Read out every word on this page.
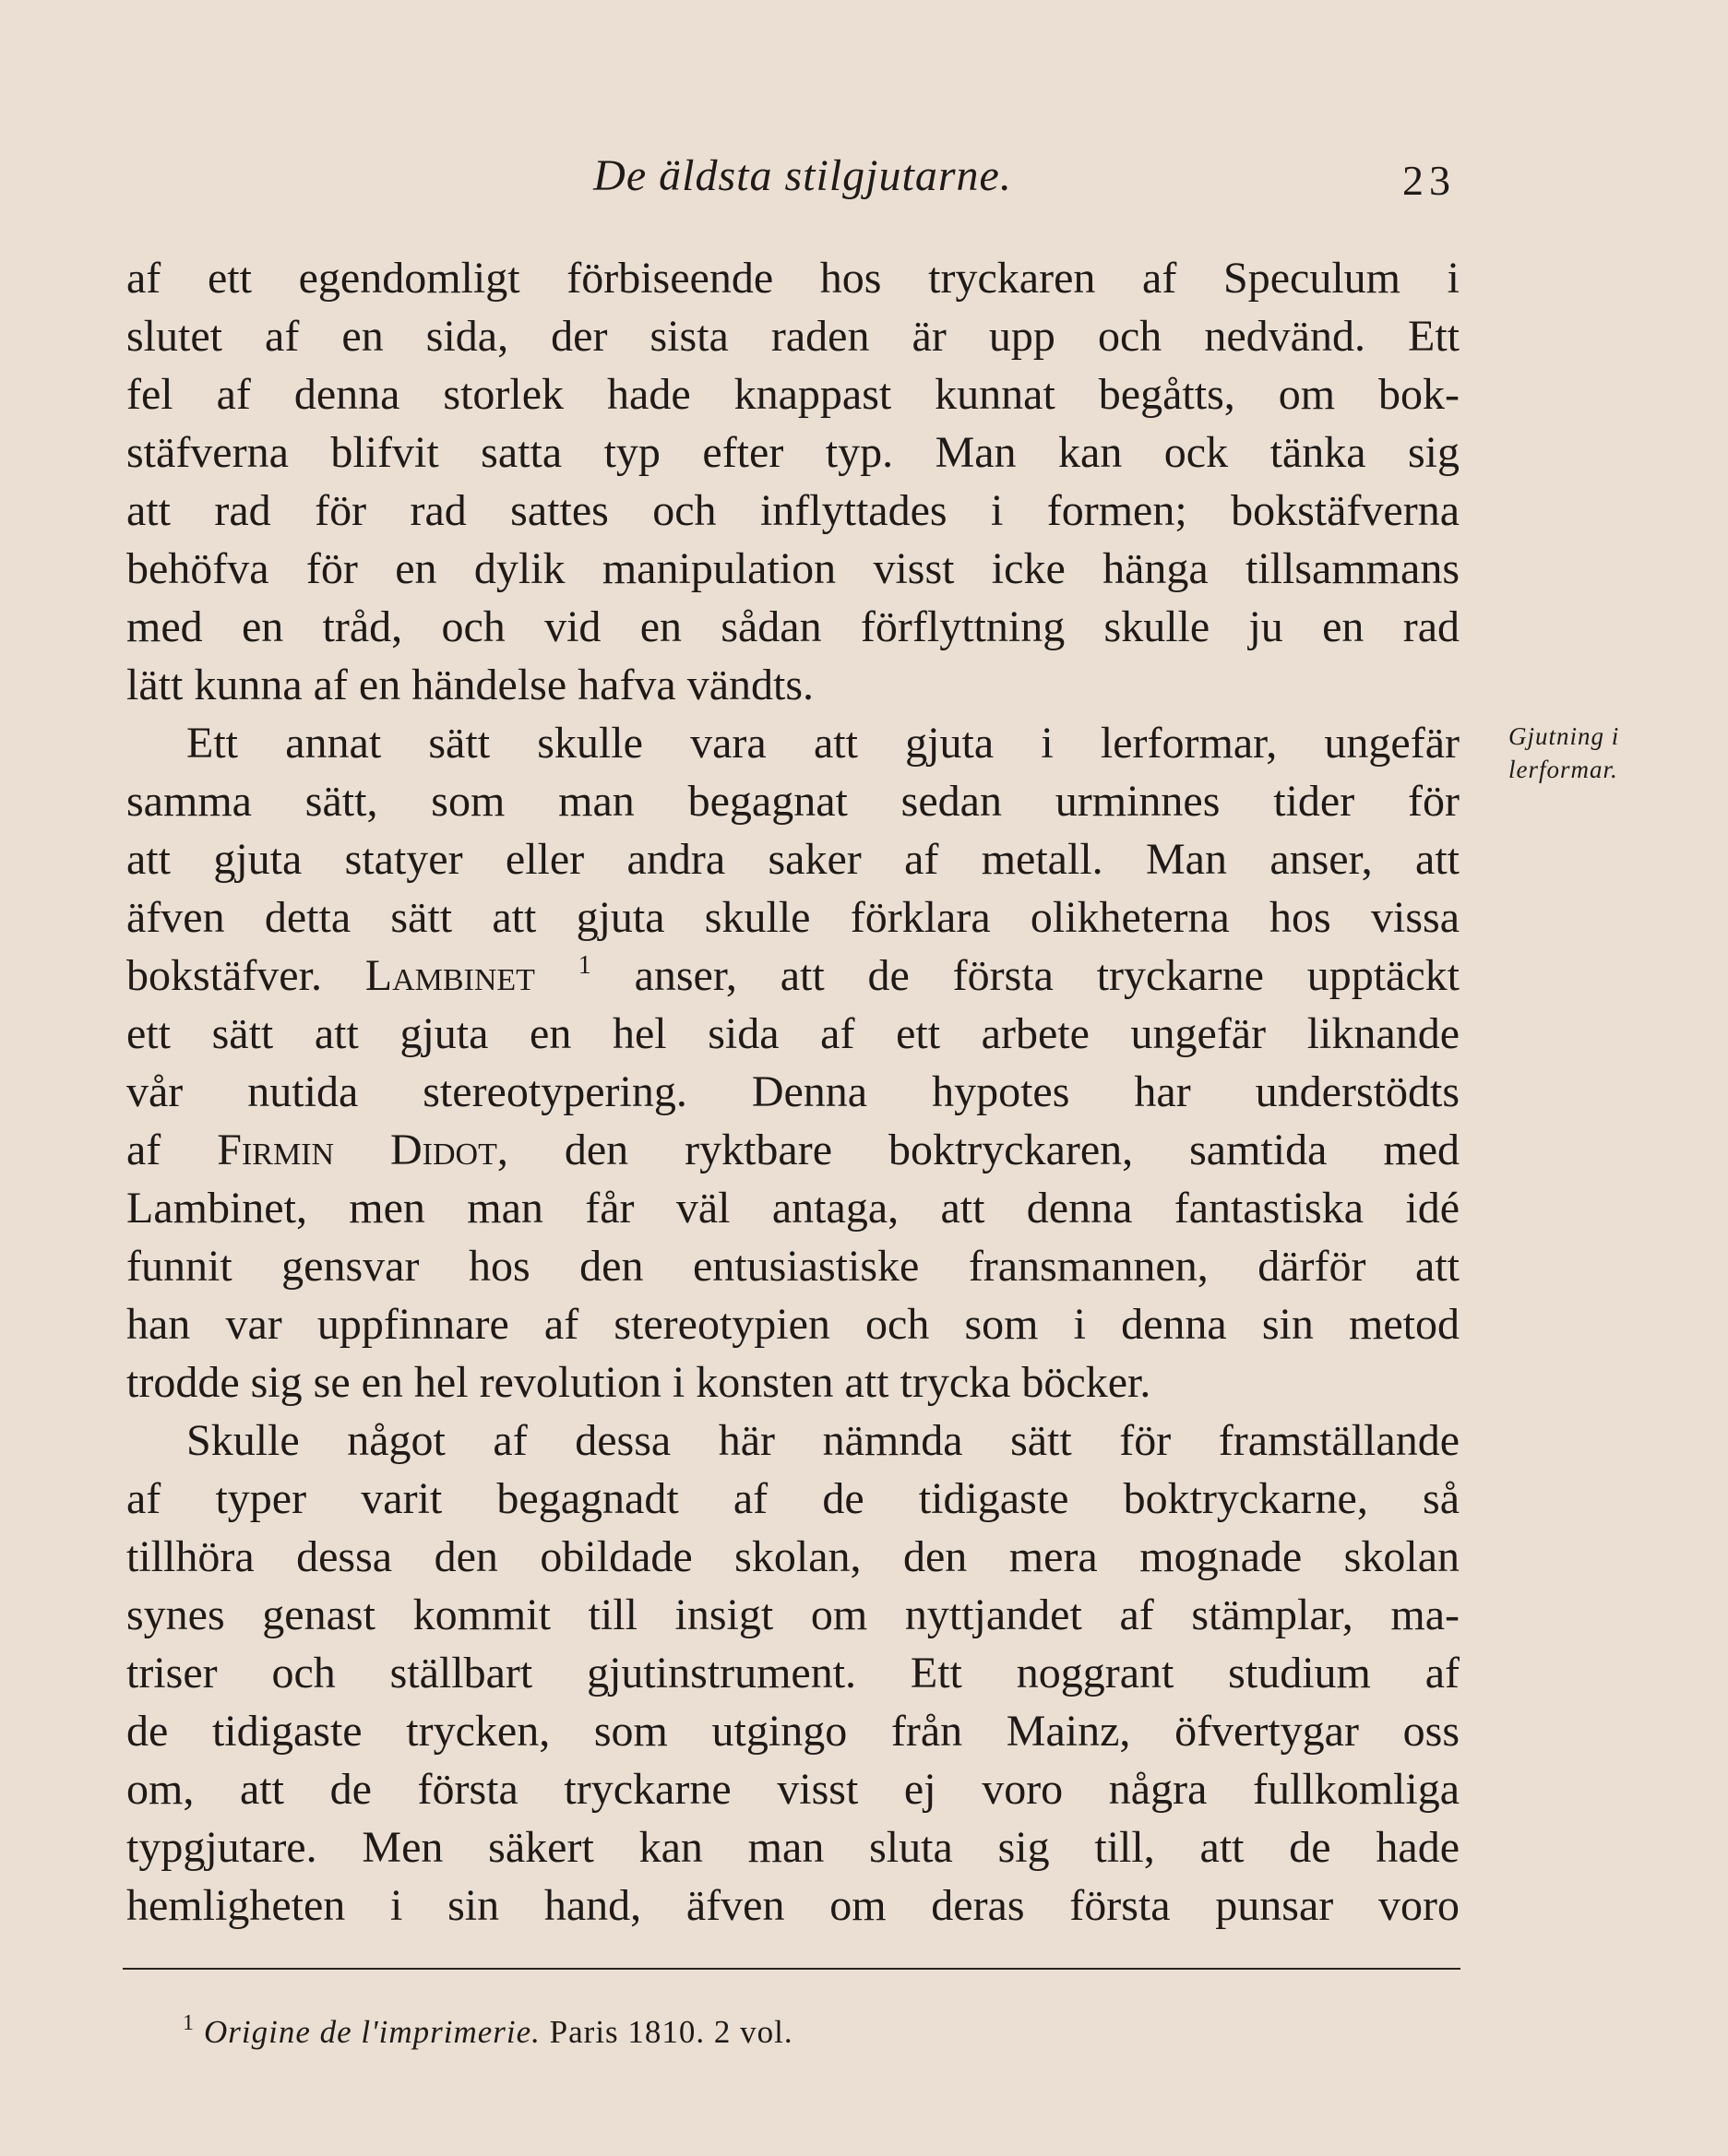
De äldsta stilgjutarne.	23
af ett egendomligt förbiseende hos tryckaren af Speculum i
slutet af en sida, der sista raden är upp och nedvänd. Ett
fel af denna storlek hade knappast kunnat begåtts, om bok-
stäfverna blifvit satta typ efter typ. Man kan ock tänka sig
att rad för rad sattes och inflyttades i formen; bokstäfverna
behöfva för en dylik manipulation visst icke hänga tillsammans
med en tråd, och vid en sådan förflyttning skulle ju en rad
lätt kunna af en händelse hafva vändts.
Ett annat sätt skulle vara att gjuta i lerformar, ungefär
samma sätt, som man begagnat sedan urminnes tider för
att gjuta statyer eller andra saker af metall. Man anser, att
äfven detta sätt att gjuta skulle förklara olikheterna hos vissa
bokstäfver. Lambinet $^1$ anser, att de första tryckarne upptäckt
ett sätt att gjuta en hel sida af ett arbete ungefär liknande
vår nutida stereotypering. Denna hypotes har understödts
af Firmin Didot, den ryktbare boktryckaren, samtida med
Lambinet, men man får väl antaga, att denna fantastiska idé
funnit gensvar hos den entusiastiske fransmannen, därför att
han var uppfinnare af stereotypien och som i denna sin metod
trodde sig se en hel revolution i konsten att trycka böcker.
Skulle något af dessa här nämnda sätt för framställande
af typer varit begagnadt af de tidigaste boktryckarne, så
tillhöra dessa den obildade skolan, den mera mognade skolan
synes genast kommit till insigt om nyttjandet af stämplar, ma-
triser och ställbart gjutinstrument. Ett noggrant studium af
de tidigaste trycken, som utgingo från Mainz, öfvertygar oss
om, att de första tryckarne visst ej voro några fullkomliga
typgjutare. Men säkert kan man sluta sig till, att de hade
hemligheten i sin hand, äfven om deras första punsar voro
Gjutning i
lerformar.
$^1$ Origine de l'imprimerie. Paris 1810. 2 vol.
